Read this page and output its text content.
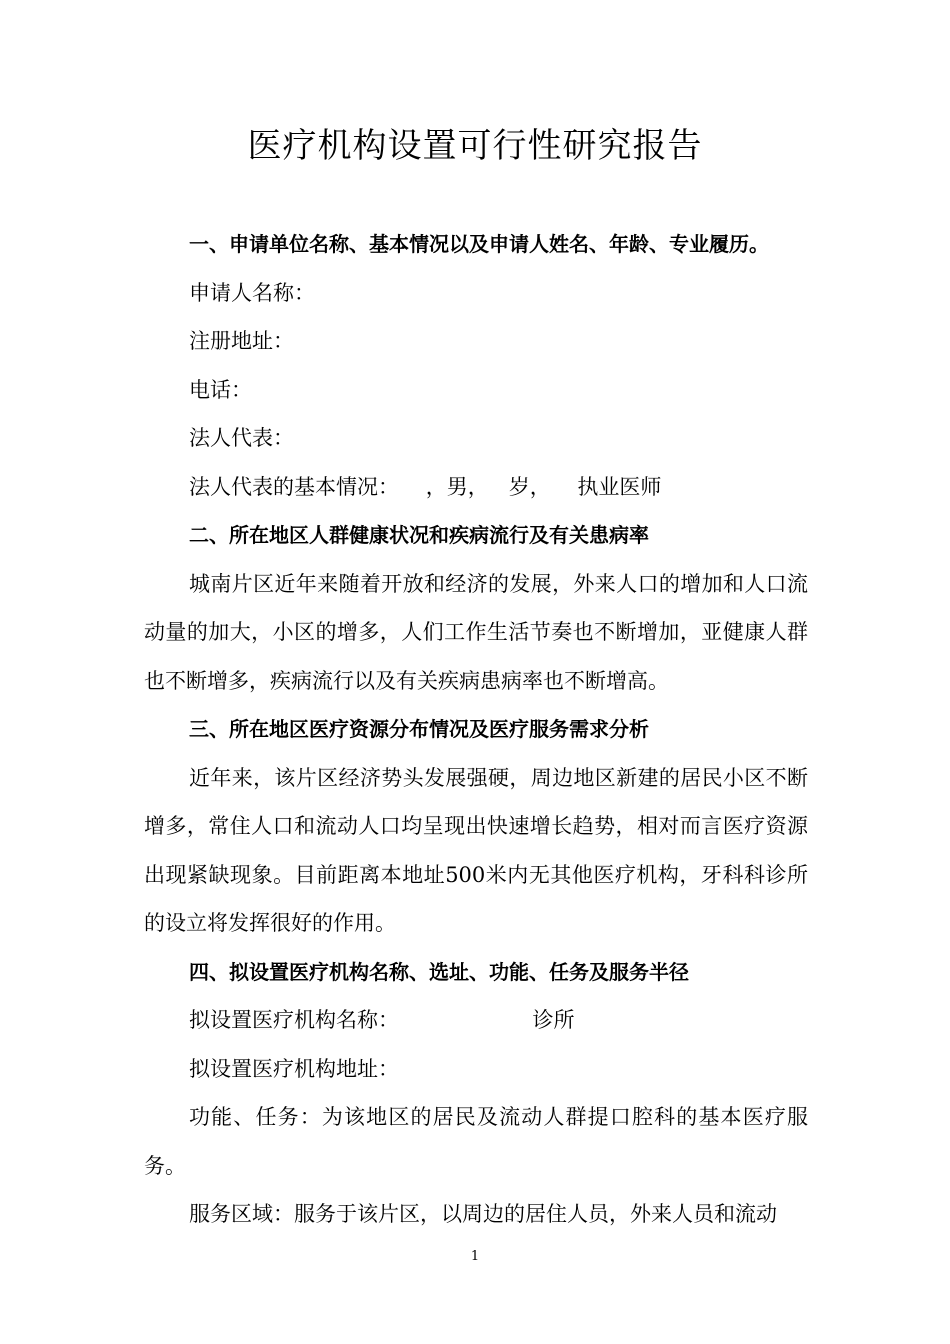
医疗机构设置可行性研究报告

一、申请单位名称、基本情况以及申请人姓名、年龄、专业履历。

申请人名称：

注册地址：

电话：

法人代表：

法人代表的基本情况：    ，男，   岁，    执业医师

二、所在地区人群健康状况和疾病流行及有关患病率

城南片区近年来随着开放和经济的发展，外来人口的增加和人口流动量的加大，小区的增多，人们工作生活节奏也不断增加，亚健康人群也不断增多，疾病流行以及有关疾病患病率也不断增高。

三、所在地区医疗资源分布情况及医疗服务需求分析

近年来，该片区经济势头发展强硬，周边地区新建的居民小区不断增多，常住人口和流动人口均呈现出快速增长趋势，相对而言医疗资源出现紧缺现象。目前距离本地址500米内无其他医疗机构，牙科科诊所的设立将发挥很好的作用。

四、拟设置医疗机构名称、选址、功能、任务及服务半径

拟设置医疗机构名称：                    诊所

拟设置医疗机构地址：

功能、任务：为该地区的居民及流动人群提口腔科的基本医疗服务。

服务区域：服务于该片区，以周边的居住人员，外来人员和流动

1
